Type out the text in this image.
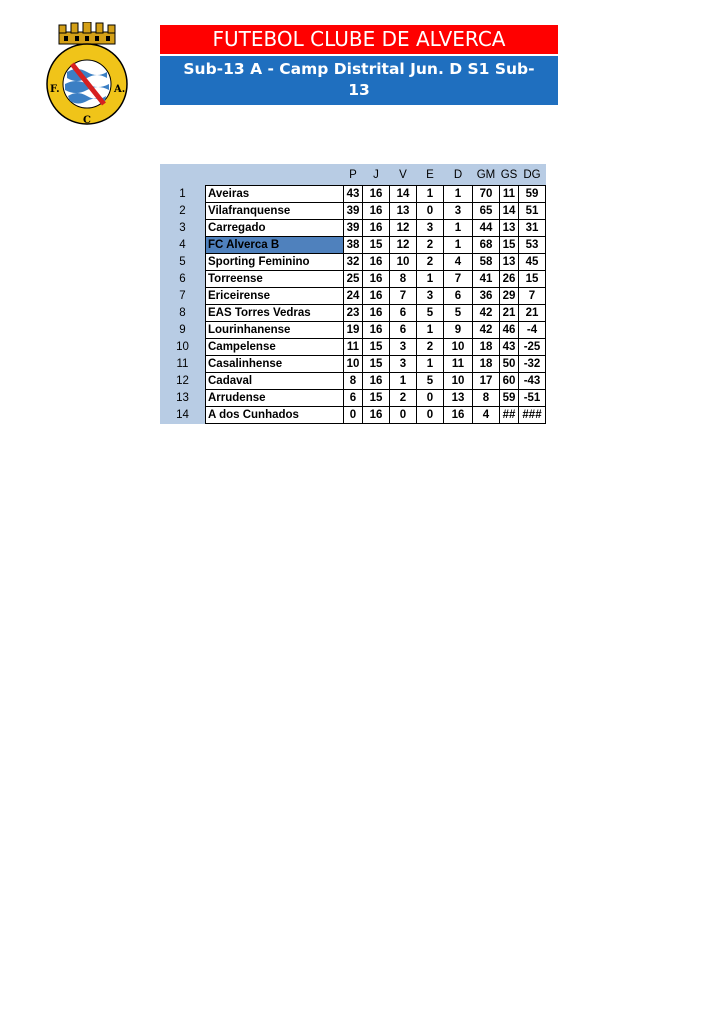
F.
C
A.
FUTEBOL CLUBE DE ALVERCA
Sub-13 A - Camp Distrital Jun. D S1 Sub-
13
		P	J	V	E	D	GM	GS	DG
1	Aveiras	43	16	14	1	1	70	11	59
2	Vilafranquense	39	16	13	0	3	65	14	51
3	Carregado	39	16	12	3	1	44	13	31
4	FC Alverca B	38	15	12	2	1	68	15	53
5	Sporting Feminino	32	16	10	2	4	58	13	45
6	Torreense	25	16	8	1	7	41	26	15
7	Ericeirense	24	16	7	3	6	36	29	7
8	EAS Torres Vedras	23	16	6	5	5	42	21	21
9	Lourinhanense	19	16	6	1	9	42	46	-4
10	Campelense	11	15	3	2	10	18	43	-25
11	Casalinhense	10	15	3	1	11	18	50	-32
12	Cadaval	8	16	1	5	10	17	60	-43
13	Arrudense	6	15	2	0	13	8	59	-51
14	A dos Cunhados	0	16	0	0	16	4	##	###
